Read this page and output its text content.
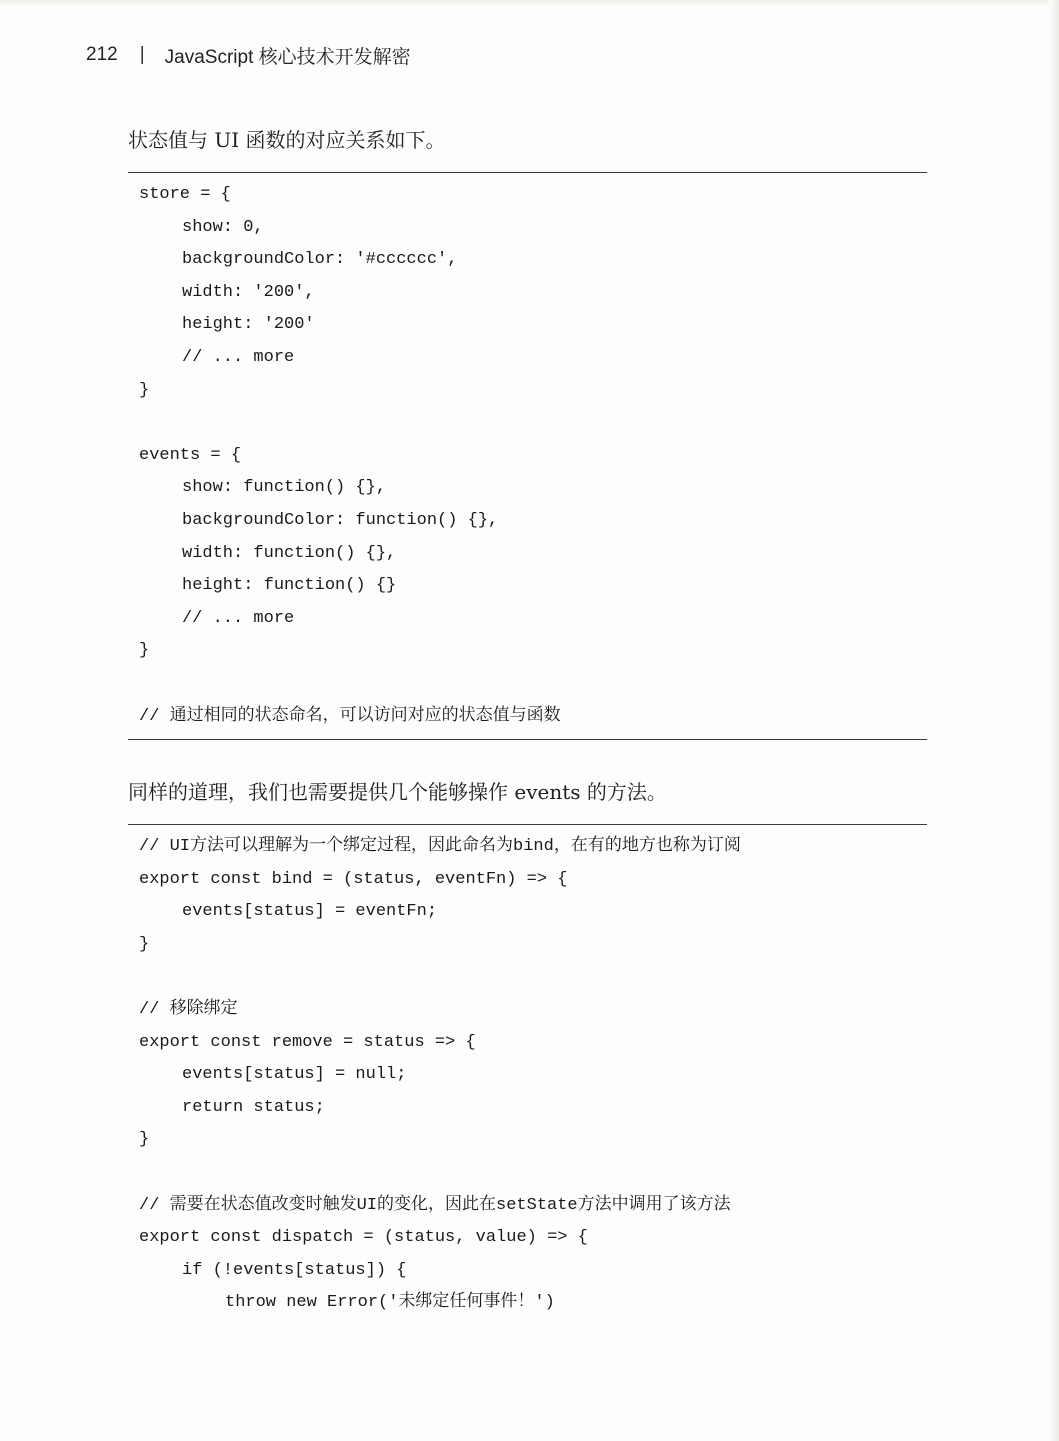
212 | JavaScript 核心技术开发解密
状态值与 UI 函数的对应关系如下。
store = {
show: 0,
backgroundColor: '#cccccc',
width: '200',
height: '200'
// ... more
}
events = {
show: function() {},
backgroundColor: function() {},
width: function() {},
height: function() {}
// ... more
}
// 通过相同的状态命名，可以访问对应的状态值与函数
同样的道理，我们也需要提供几个能够操作 events 的方法。
// UI方法可以理解为一个绑定过程，因此命名为bind，在有的地方也称为订阅
export const bind = (status, eventFn) => {
events[status] = eventFn;
}
// 移除绑定
export const remove = status => {
events[status] = null;
return status;
}
// 需要在状态值改变时触发UI的变化，因此在setState方法中调用了该方法
export const dispatch = (status, value) => {
if (!events[status]) {
throw new Error('未绑定任何事件！')
